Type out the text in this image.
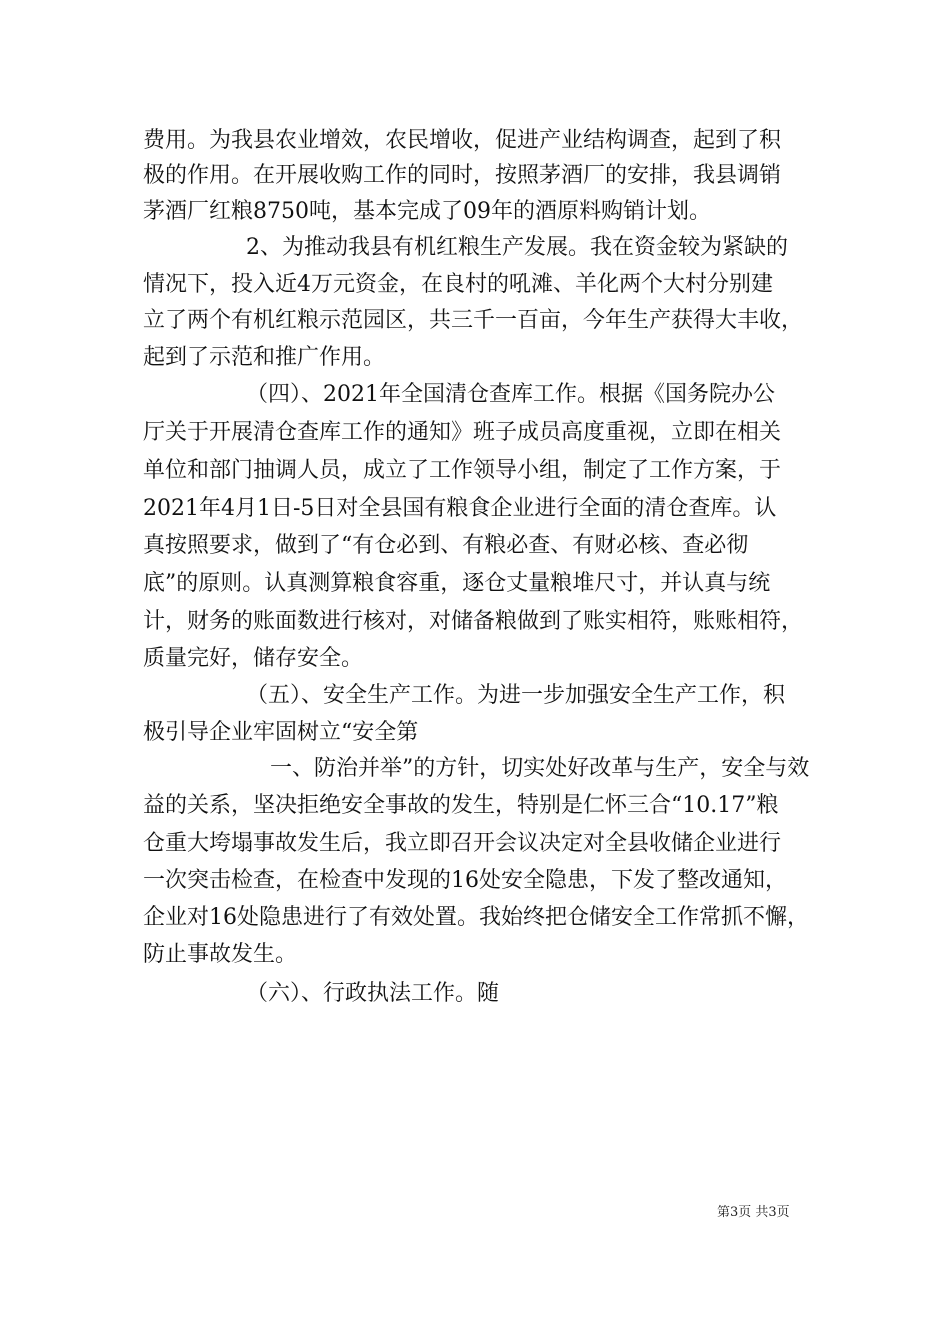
费用。为我县农业增效，农民增收，促进产业结构调查，起到了积
极的作用。在开展收购工作的同时，按照茅酒厂的安排，我县调销
茅酒厂红粮8750吨，基本完成了09年的酒原料购销计划。
2、为推动我县有机红粮生产发展。我在资金较为紧缺的
情况下，投入近4万元资金，在良村的吼滩、羊化两个大村分别建
立了两个有机红粮示范园区，共三千一百亩，今年生产获得大丰收，
起到了示范和推广作用。
（四）、2021年全国清仓查库工作。根据《国务院办公
厅关于开展清仓查库工作的通知》班子成员高度重视，立即在相关
单位和部门抽调人员，成立了工作领导小组，制定了工作方案，于
2021年4月1日-5日对全县国有粮食企业进行全面的清仓查库。认
真按照要求，做到了“有仓必到、有粮必查、有财必核、查必彻
底”的原则。认真测算粮食容重，逐仓丈量粮堆尺寸，并认真与统
计，财务的账面数进行核对，对储备粮做到了账实相符，账账相符，
质量完好，储存安全。
（五）、安全生产工作。为进一步加强安全生产工作，积
极引导企业牢固树立“安全第
一、防治并举”的方针，切实处好改革与生产，安全与效
益的关系，坚决拒绝安全事故的发生，特别是仁怀三合“10.17”粮
仓重大垮塌事故发生后，我立即召开会议决定对全县收储企业进行
一次突击检查，在检查中发现的16处安全隐患，下发了整改通知，
企业对16处隐患进行了有效处置。我始终把仓储安全工作常抓不懈，
防止事故发生。
（六）、行政执法工作。随
第3页 共3页
